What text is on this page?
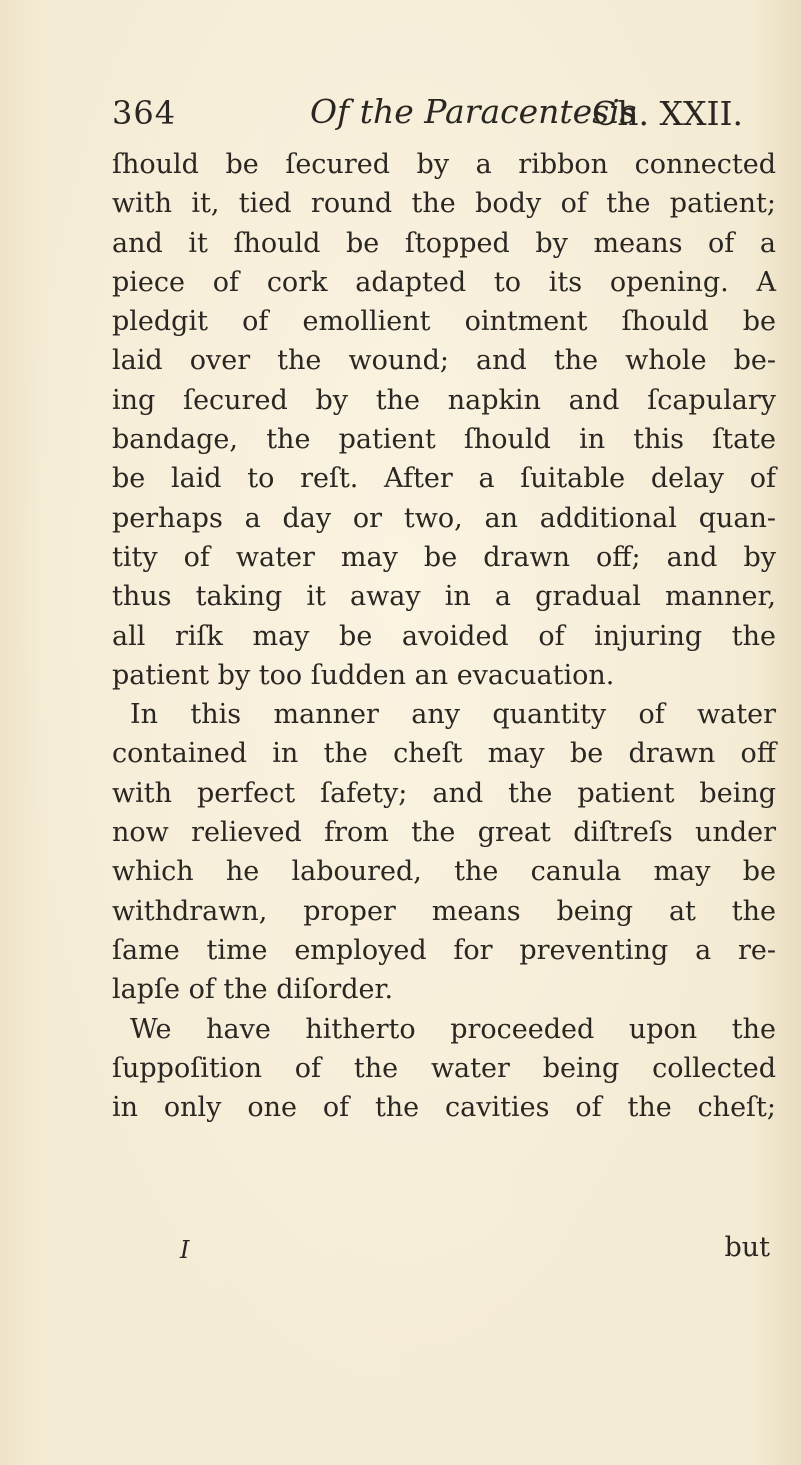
364	Of the Paracentesis
Ch. XXII.
ſhould be ſecured by a ribbon connected
with it, tied round the body of the patient;
and it ſhould be ſtopped by means of a
piece of cork adapted to its opening. A
pledgit of emollient ointment ſhould be
laid over the wound; and the whole be-
ing ſecured by the napkin and ſcapulary
bandage, the patient ſhould in this ſtate
be laid to reſt. After a ſuitable delay of
perhaps a day or two, an additional quan-
tity of water may be drawn off; and by
thus taking it away in a gradual manner,
all riſk may be avoided of injuring the
patient by too ſudden an evacuation.
In this manner any quantity of water
contained in the cheſt may be drawn off
with perfect ſafety; and the patient being
now relieved from the great diſtreſs under
which he laboured, the canula may be
withdrawn, proper means being at the
ſame time employed for preventing a re-
lapſe of the diſorder.
We have hitherto proceeded upon the
ſuppoſition of the water being collected
in only one of the cavities of the cheſt;
I	but
